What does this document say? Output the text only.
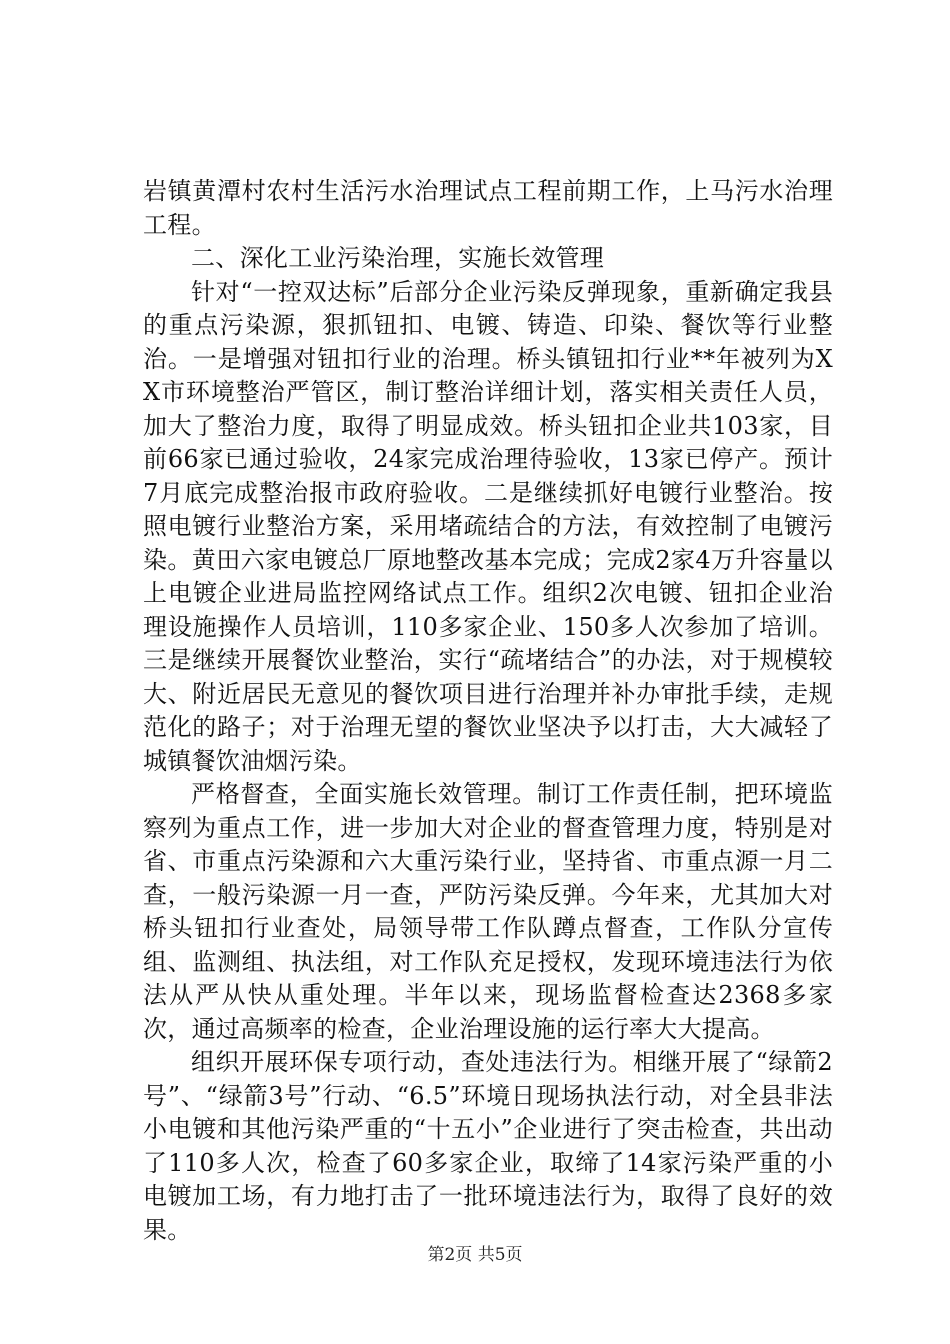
岩镇黄潭村农村生活污水治理试点工程前期工作，上马污水治理工程。

二、深化工业污染治理，实施长效管理

针对“一控双达标”后部分企业污染反弹现象，重新确定我县的重点污染源，狠抓钮扣、电镀、铸造、印染、餐饮等行业整治。一是增强对钮扣行业的治理。桥头镇钮扣行业**年被列为XX市环境整治严管区，制订整治详细计划，落实相关责任人员，加大了整治力度，取得了明显成效。桥头钮扣企业共103家，目前66家已通过验收，24家完成治理待验收，13家已停产。预计7月底完成整治报市政府验收。二是继续抓好电镀行业整治。按照电镀行业整治方案，采用堵疏结合的方法，有效控制了电镀污染。黄田六家电镀总厂原地整改基本完成；完成2家4万升容量以上电镀企业进局监控网络试点工作。组织2次电镀、钮扣企业治理设施操作人员培训，110多家企业、150多人次参加了培训。三是继续开展餐饮业整治，实行“疏堵结合”的办法，对于规模较大、附近居民无意见的餐饮项目进行治理并补办审批手续，走规范化的路子；对于治理无望的餐饮业坚决予以打击，大大减轻了城镇餐饮油烟污染。

严格督查，全面实施长效管理。制订工作责任制，把环境监察列为重点工作，进一步加大对企业的督查管理力度，特别是对省、市重点污染源和六大重污染行业，坚持省、市重点源一月二查，一般污染源一月一查，严防污染反弹。今年来，尤其加大对桥头钮扣行业查处，局领导带工作队蹲点督查，工作队分宣传组、监测组、执法组，对工作队充足授权，发现环境违法行为依法从严从快从重处理。半年以来，现场监督检查达2368多家次，通过高频率的检查，企业治理设施的运行率大大提高。

组织开展环保专项行动，查处违法行为。相继开展了“绿箭2号”、“绿箭3号”行动、“6.5”环境日现场执法行动，对全县非法小电镀和其他污染严重的“十五小”企业进行了突击检查，共出动了110多人次，检查了60多家企业，取缔了14家污染严重的小电镀加工场，有力地打击了一批环境违法行为，取得了良好的效果。

第2页 共5页
